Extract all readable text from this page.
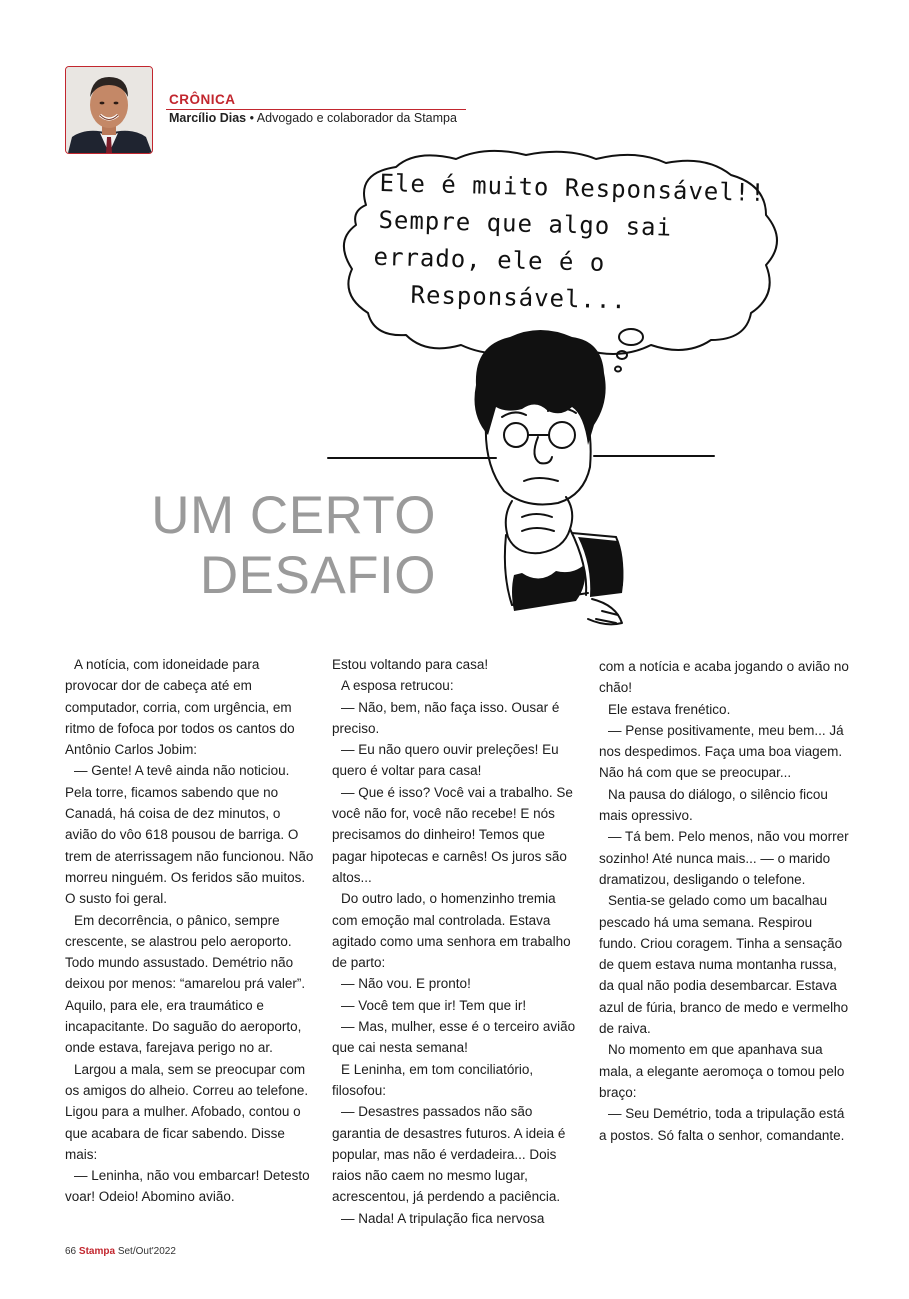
CRÔNICA
Marcílio Dias • Advogado e colaborador da Stampa
Ele é muito Responsável!!
Sempre que algo sai
errado, ele é o
Responsável...
UM CERTO
DESAFIO

A notícia, com idoneidade para provocar dor de cabeça até em computador, corria, com urgência, em ritmo de fofoca por todos os cantos do Antônio Carlos Jobim:

— Gente! A tevê ainda não noticiou. Pela torre, ficamos sabendo que no Canadá, há coisa de dez minutos, o avião do vôo 618 pousou de barriga. O trem de aterrissagem não funcionou. Não morreu ninguém. Os feridos são muitos. O susto foi geral.

Em decorrência, o pânico, sempre crescente, se alastrou pelo aeroporto. Todo mundo assustado. Demétrio não deixou por menos: “amarelou prá valer”. Aquilo, para ele, era traumático e incapacitante. Do saguão do aeroporto, onde estava, farejava perigo no ar.

Largou a mala, sem se preocupar com os amigos do alheio. Correu ao telefone. Ligou para a mulher. Afobado, contou o que acabara de ficar sabendo. Disse mais:

— Leninha, não vou embarcar! Detesto voar! Odeio! Abomino avião.

Estou voltando para casa!

A esposa retrucou:

— Não, bem, não faça isso. Ousar é preciso.

— Eu não quero ouvir preleções! Eu quero é voltar para casa!

— Que é isso? Você vai a trabalho. Se você não for, você não recebe! E nós precisamos do dinheiro! Temos que pagar hipotecas e carnês! Os juros são altos...

Do outro lado, o homenzinho tremia com emoção mal controlada. Estava agitado como uma senhora em trabalho de parto:

— Não vou. E pronto!

— Você tem que ir! Tem que ir!

— Mas, mulher, esse é o terceiro avião que cai nesta semana!

E Leninha, em tom conciliatório, filosofou:

— Desastres passados não são garantia de desastres futuros. A ideia é popular, mas não é verdadeira... Dois raios não caem no mesmo lugar, acrescentou, já perdendo a paciência.

— Nada! A tripulação fica nervosa

com a notícia e acaba jogando o avião no chão!

Ele estava frenético.

— Pense positivamente, meu bem... Já nos despedimos. Faça uma boa viagem. Não há com que se preocupar...

Na pausa do diálogo, o silêncio ficou mais opressivo.

— Tá bem. Pelo menos, não vou morrer sozinho! Até nunca mais... — o marido dramatizou, desligando o telefone.

Sentia-se gelado como um bacalhau pescado há uma semana. Respirou fundo. Criou coragem. Tinha a sensação de quem estava numa montanha russa, da qual não podia desembarcar. Estava azul de fúria, branco de medo e vermelho de raiva.

No momento em que apanhava sua mala, a elegante aeromoça o tomou pelo braço:

— Seu Demétrio, toda a tripulação está a postos. Só falta o senhor, comandante.

66 Stampa Set/Out'2022
